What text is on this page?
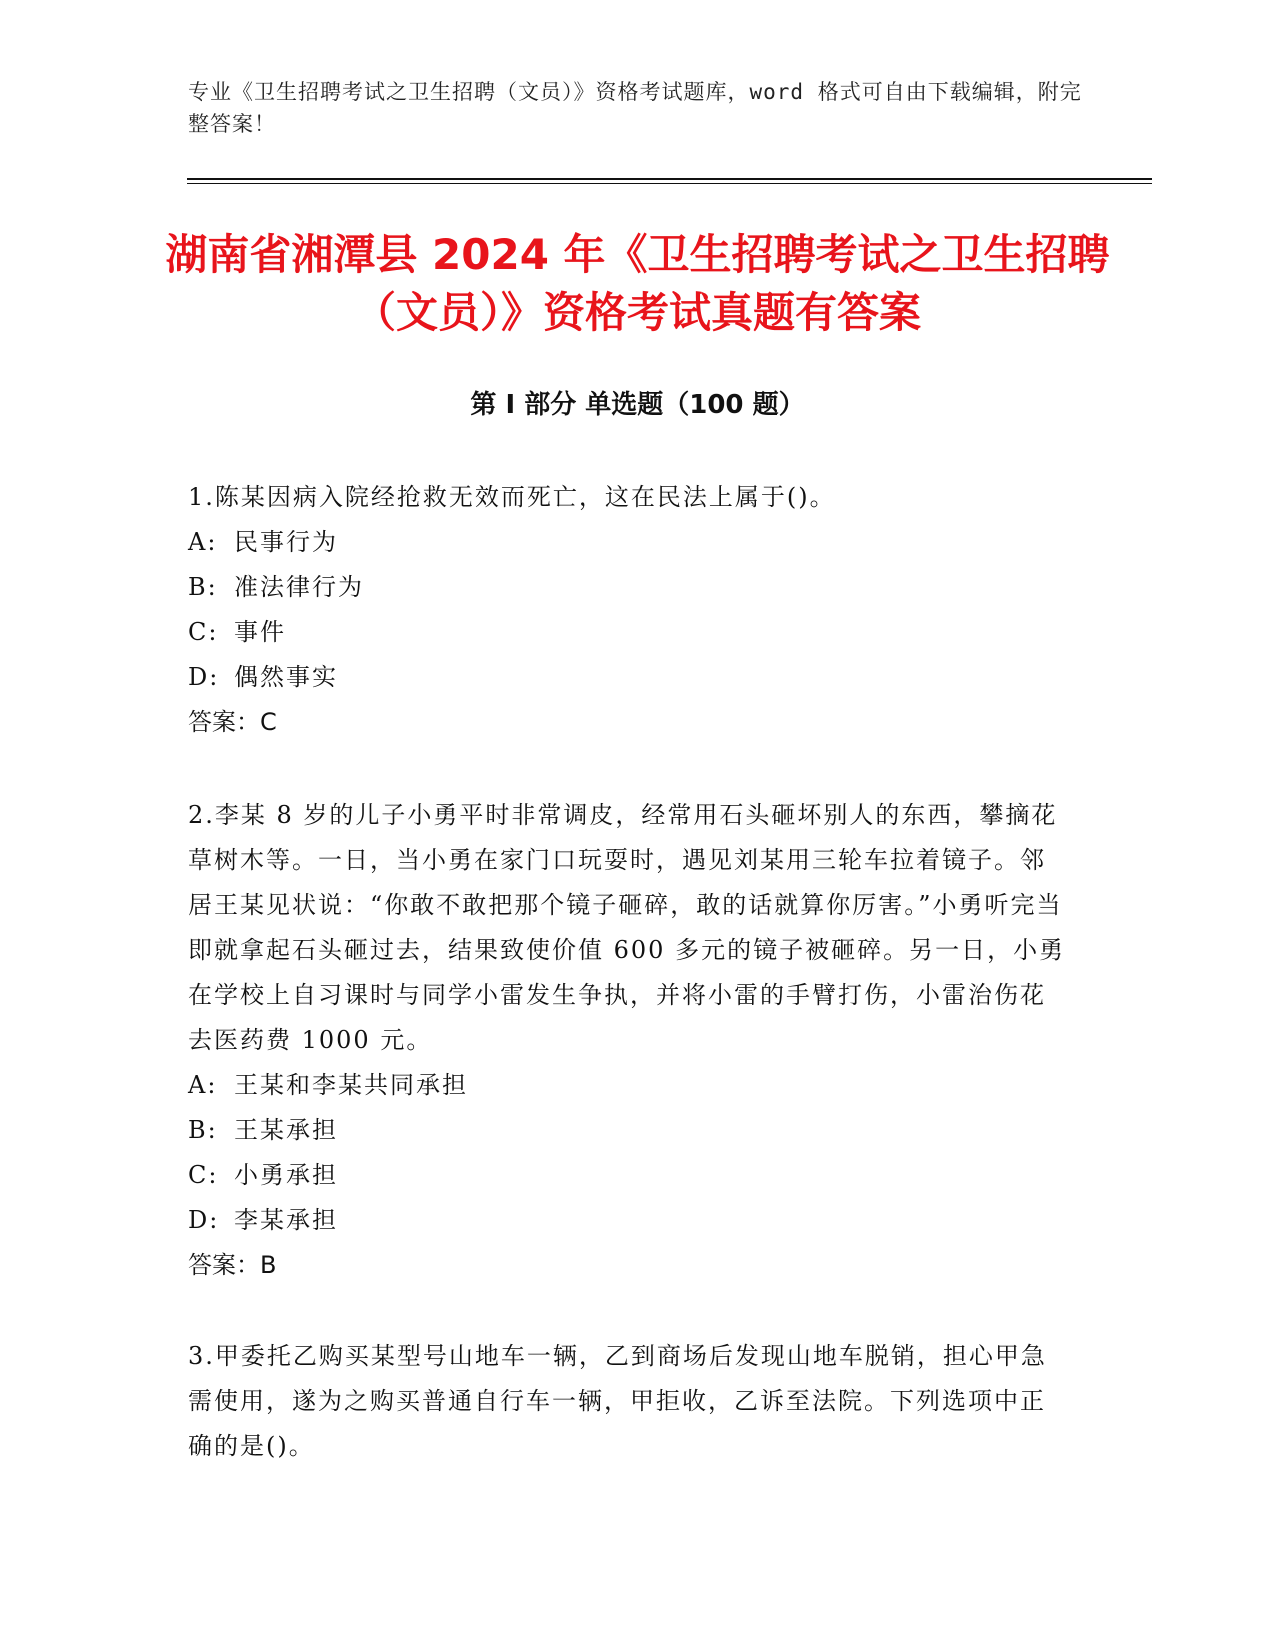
专业《卫生招聘考试之卫生招聘（文员）》资格考试题库，word 格式可自由下载编辑，附完整答案！
湖南省湘潭县 2024 年《卫生招聘考试之卫生招聘（文员）》资格考试真题有答案
第 I 部分 单选题（100 题）

1.陈某因病入院经抢救无效而死亡，这在民法上属于()。

A: 民事行为
B: 准法律行为
C: 事件
D: 偶然事实

答案：C

2.李某 8 岁的儿子小勇平时非常调皮，经常用石头砸坏别人的东西，攀摘花草树木等。一日，当小勇在家门口玩耍时，遇见刘某用三轮车拉着镜子。邻居王某见状说：“你敢不敢把那个镜子砸碎，敢的话就算你厉害。”小勇听完当即就拿起石头砸过去，结果致使价值 600 多元的镜子被砸碎。另一日，小勇在学校上自习课时与同学小雷发生争执，并将小雷的手臂打伤，小雷治伤花去医药费 1000 元。

A: 王某和李某共同承担
B: 王某承担
C: 小勇承担
D: 李某承担

答案：B

3.甲委托乙购买某型号山地车一辆，乙到商场后发现山地车脱销，担心甲急需使用，遂为之购买普通自行车一辆，甲拒收，乙诉至法院。下列选项中正确的是()。
